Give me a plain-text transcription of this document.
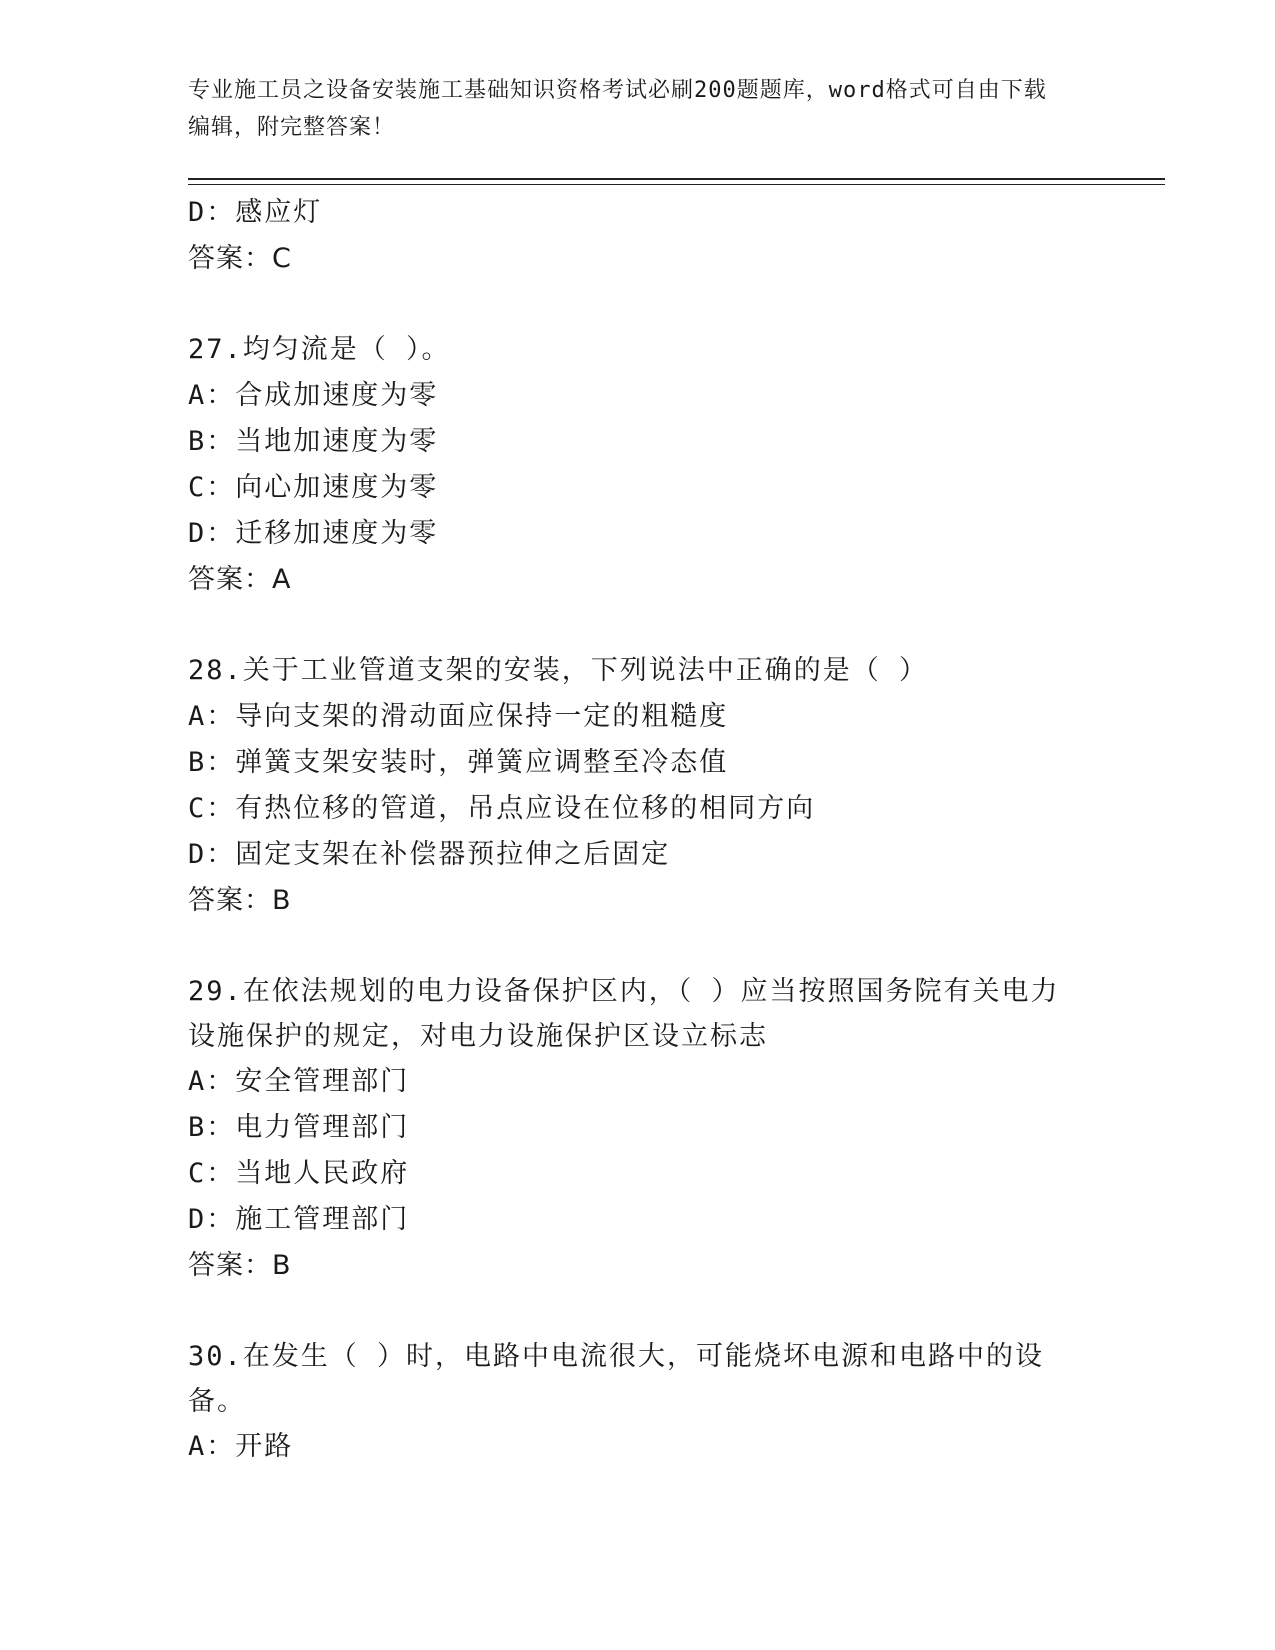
专业施工员之设备安装施工基础知识资格考试必刷200题题库，word格式可自由下载编辑，附完整答案！
D：感应灯
答案：C
27.均匀流是（ ）。
A：合成加速度为零
B：当地加速度为零
C：向心加速度为零
D：迁移加速度为零
答案：A
28.关于工业管道支架的安装，下列说法中正确的是（ ）
A：导向支架的滑动面应保持一定的粗糙度
B：弹簧支架安装时，弹簧应调整至冷态值
C：有热位移的管道，吊点应设在位移的相同方向
D：固定支架在补偿器预拉伸之后固定
答案：B
29.在依法规划的电力设备保护区内，（ ）应当按照国务院有关电力设施保护的规定，对电力设施保护区设立标志
A：安全管理部门
B：电力管理部门
C：当地人民政府
D：施工管理部门
答案：B
30.在发生（ ）时，电路中电流很大，可能烧坏电源和电路中的设备。
A：开路
